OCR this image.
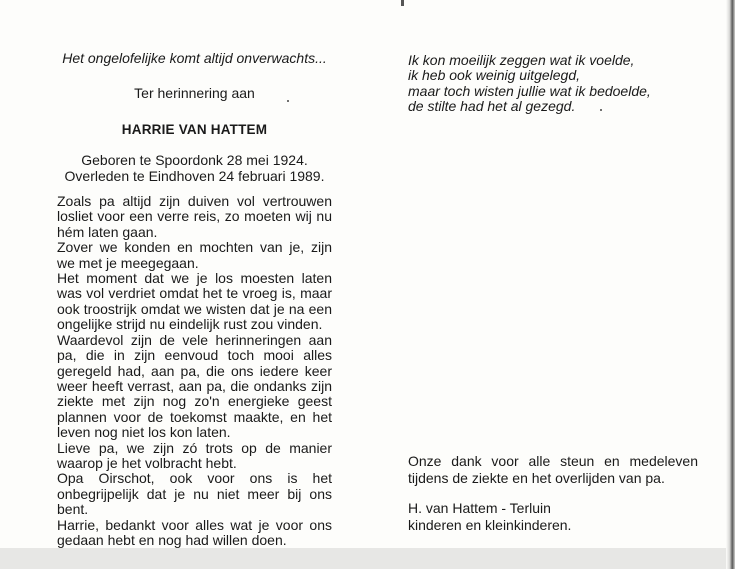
Het ongelofelijke komt altijd onverwachts...

Ter herinnering aan
HARRIE VAN HATTEM
Geboren te Spoordonk 28 mei 1924.
Overleden te Eindhoven 24 februari 1989.

Zoals pa altijd zijn duiven vol vertrouwen losliet voor een verre reis, zo moeten wij nu hém laten gaan.

Zover we konden en mochten van je, zijn we met je meegegaan.

Het moment dat we je los moesten laten was vol verdriet omdat het te vroeg is, maar ook troostrijk omdat we wisten dat je na een ongelijke strijd nu eindelijk rust zou vinden.

Waardevol zijn de vele herinneringen aan pa, die in zijn eenvoud toch mooi alles geregeld had, aan pa, die ons iedere keer weer heeft verrast, aan pa, die ondanks zijn ziekte met zijn nog zo'n energieke geest plannen voor de toekomst maakte, en het leven nog niet los kon laten.

Lieve pa, we zijn zó trots op de manier waarop je het volbracht hebt.

Opa Oirschot, ook voor ons is het onbegrijpelijk dat je nu niet meer bij ons bent.

Harrie, bedankt voor alles wat je voor ons gedaan hebt en nog had willen doen.

Ik kon moeilijk zeggen wat ik voelde,

ik heb ook weinig uitgelegd,

maar toch wisten jullie wat ik bedoelde,

de stilte had het al gezegd.

Onze dank voor alle steun en medeleven tijdens de ziekte en het overlijden van pa.

H. van Hattem - Terluin

kinderen en kleinkinderen.
